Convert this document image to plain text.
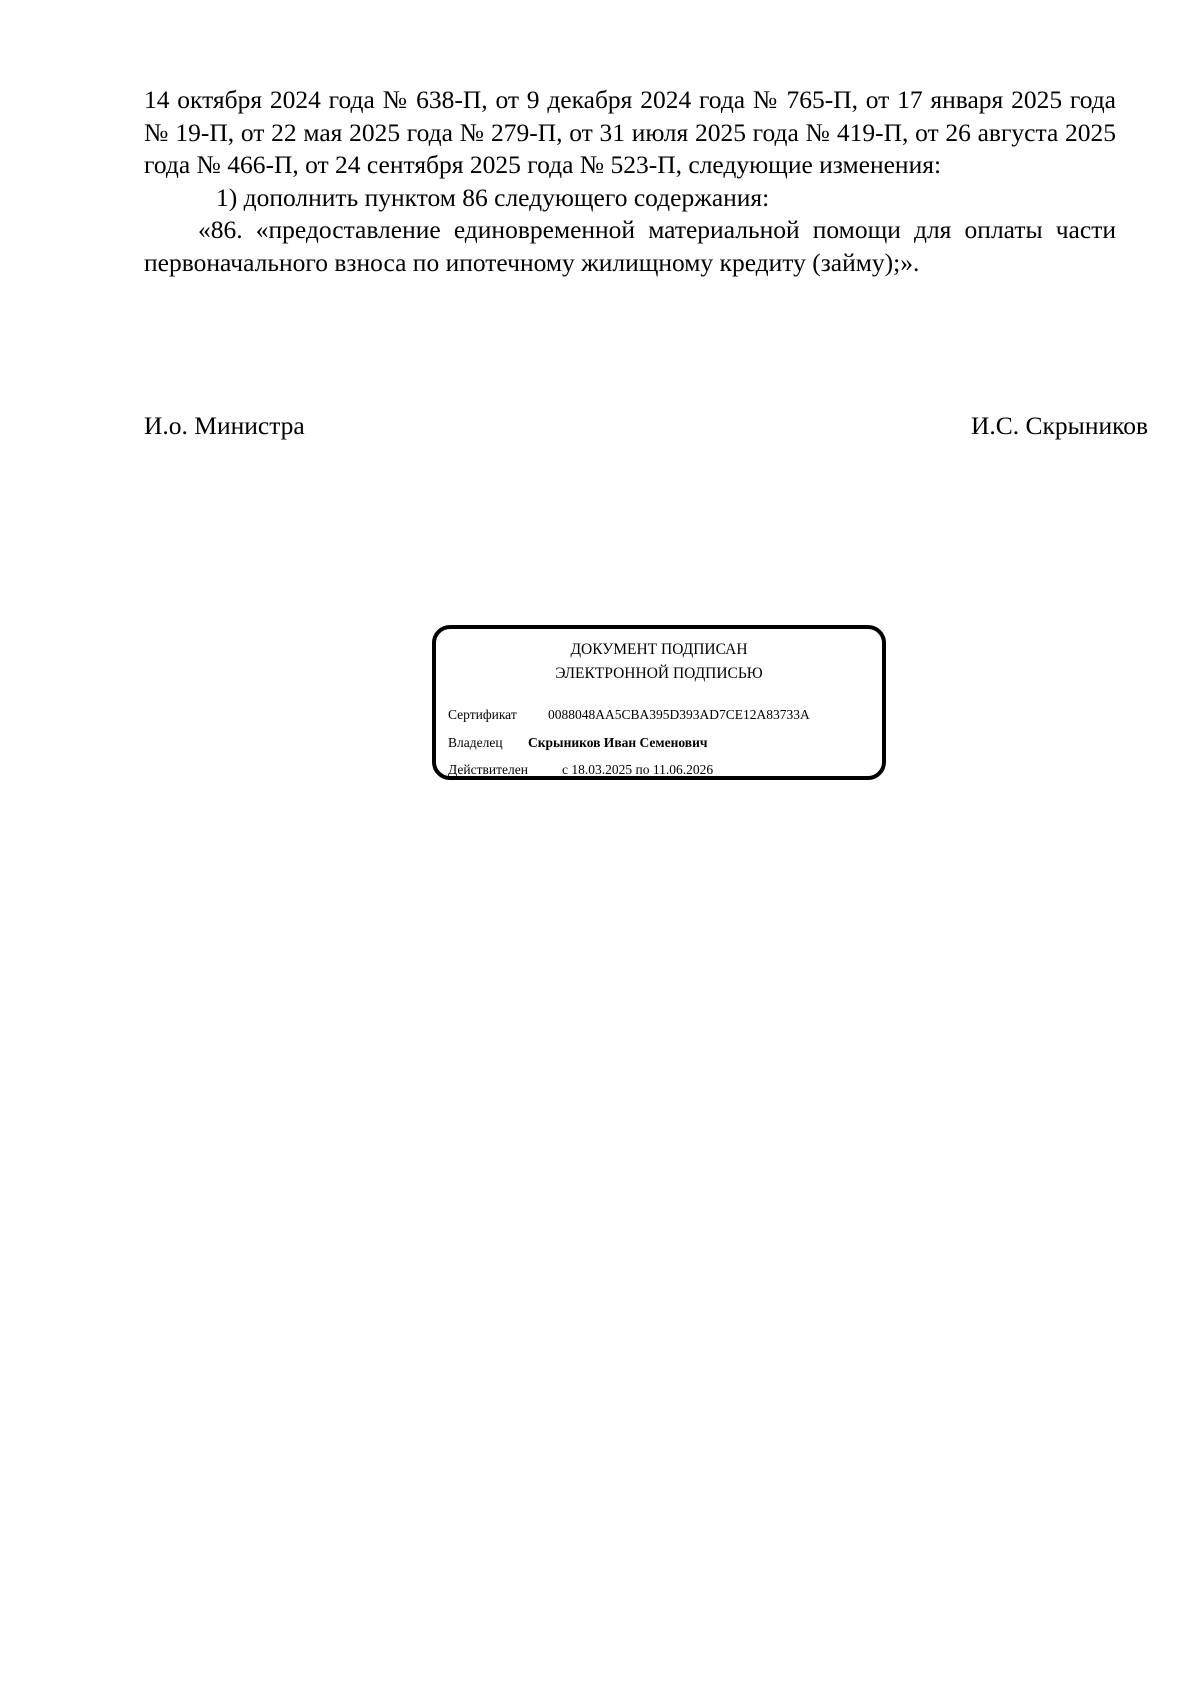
14 октября 2024 года № 638-П, от 9 декабря 2024 года № 765-П, от 17 января 2025 года № 19-П, от 22 мая 2025 года № 279-П, от 31 июля 2025 года № 419-П, от 26 августа 2025 года № 466-П, от 24 сентября 2025 года № 523-П, следующие изменения:

1) дополнить пунктом 86 следующего содержания:

«86. «предоставление единовременной материальной помощи для оплаты части первоначального взноса по ипотечному жилищному кредиту (займу);».

И.о. Министра	И.С. Скрыников
ДОКУМЕНТ ПОДПИСАН
ЭЛЕКТРОННОЙ ПОДПИСЬЮ
Сертификат 0088048AA5CBA395D393AD7CE12A83733A
Владелец Скрыников Иван Семенович
Действителен	с 18.03.2025 по 11.06.2026
